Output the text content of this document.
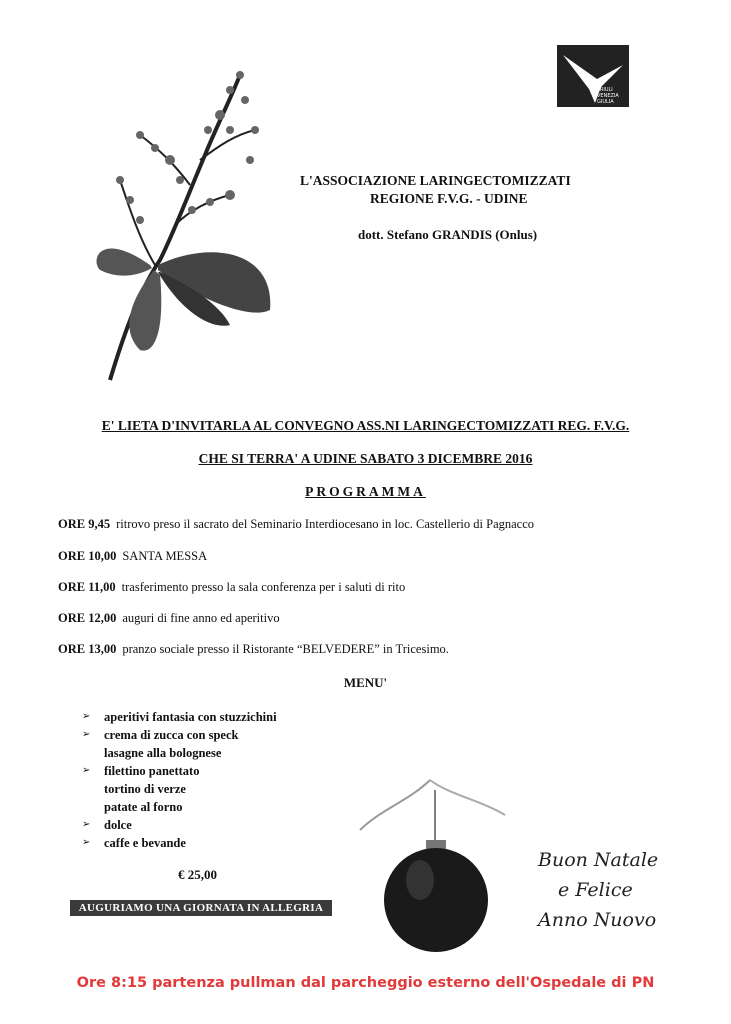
FRIULI
VENEZIA
GIULIA
L'ASSOCIAZIONE LARINGECTOMIZZATI
REGIONE F.V.G. - UDINE
dott. Stefano GRANDIS (Onlus)
E' LIETA D'INVITARLA AL CONVEGNO ASS.NI LARINGECTOMIZZATI REG. F.V.G.
CHE SI TERRA' A UDINE SABATO 3 DICEMBRE 2016
PROGRAMMA
ORE 9,45 ritrovo preso il sacrato del Seminario Interdiocesano in loc. Castellerio di Pagnacco
ORE 10,00 SANTA MESSA
ORE 11,00 trasferimento presso la sala conferenza per i saluti di rito
ORE 12,00 auguri di fine anno ed aperitivo
ORE 13,00 pranzo sociale presso il Ristorante “BELVEDERE” in Tricesimo.
MENU'
➢ aperitivi fantasia con stuzzichini
➢ crema di zucca con speck
lasagne alla bolognese
➢ filettino panettato
tortino di verze
patate al forno
➢ dolce
➢ caffe e bevande
€ 25,00
AUGURIAMO UNA GIORNATA IN ALLEGRIA
Buon Natale
e Felice
Anno Nuovo
Ore 8:15 partenza pullman dal parcheggio esterno dell'Ospedale di PN
